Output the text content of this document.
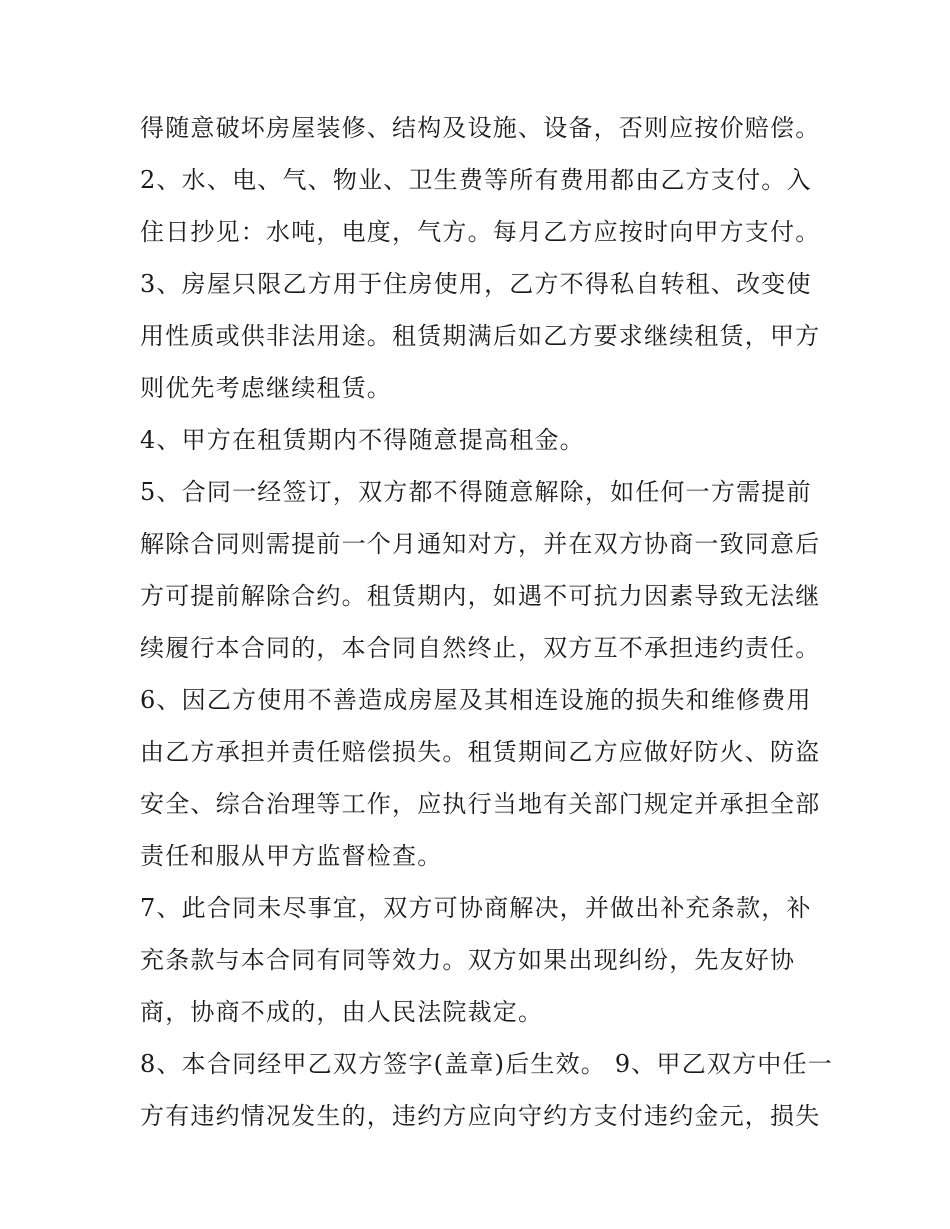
得随意破坏房屋装修、结构及设施、设备，否则应按价赔偿。
2、水、电、气、物业、卫生费等所有费用都由乙方支付。入
住日抄见：水吨，电度，气方。每月乙方应按时向甲方支付。
3、房屋只限乙方用于住房使用，乙方不得私自转租、改变使
用性质或供非法用途。租赁期满后如乙方要求继续租赁，甲方
则优先考虑继续租赁。
4、甲方在租赁期内不得随意提高租金。
5、合同一经签订，双方都不得随意解除，如任何一方需提前
解除合同则需提前一个月通知对方，并在双方协商一致同意后
方可提前解除合约。租赁期内，如遇不可抗力因素导致无法继
续履行本合同的，本合同自然终止，双方互不承担违约责任。
6、因乙方使用不善造成房屋及其相连设施的损失和维修费用
由乙方承担并责任赔偿损失。租赁期间乙方应做好防火、防盗
安全、综合治理等工作，应执行当地有关部门规定并承担全部
责任和服从甲方监督检查。
7、此合同未尽事宜，双方可协商解决，并做出补充条款，补
充条款与本合同有同等效力。双方如果出现纠纷，先友好协
商，协商不成的，由人民法院裁定。
8、本合同经甲乙双方签字(盖章)后生效。 9、甲乙双方中任一
方有违约情况发生的，违约方应向守约方支付违约金元，损失
